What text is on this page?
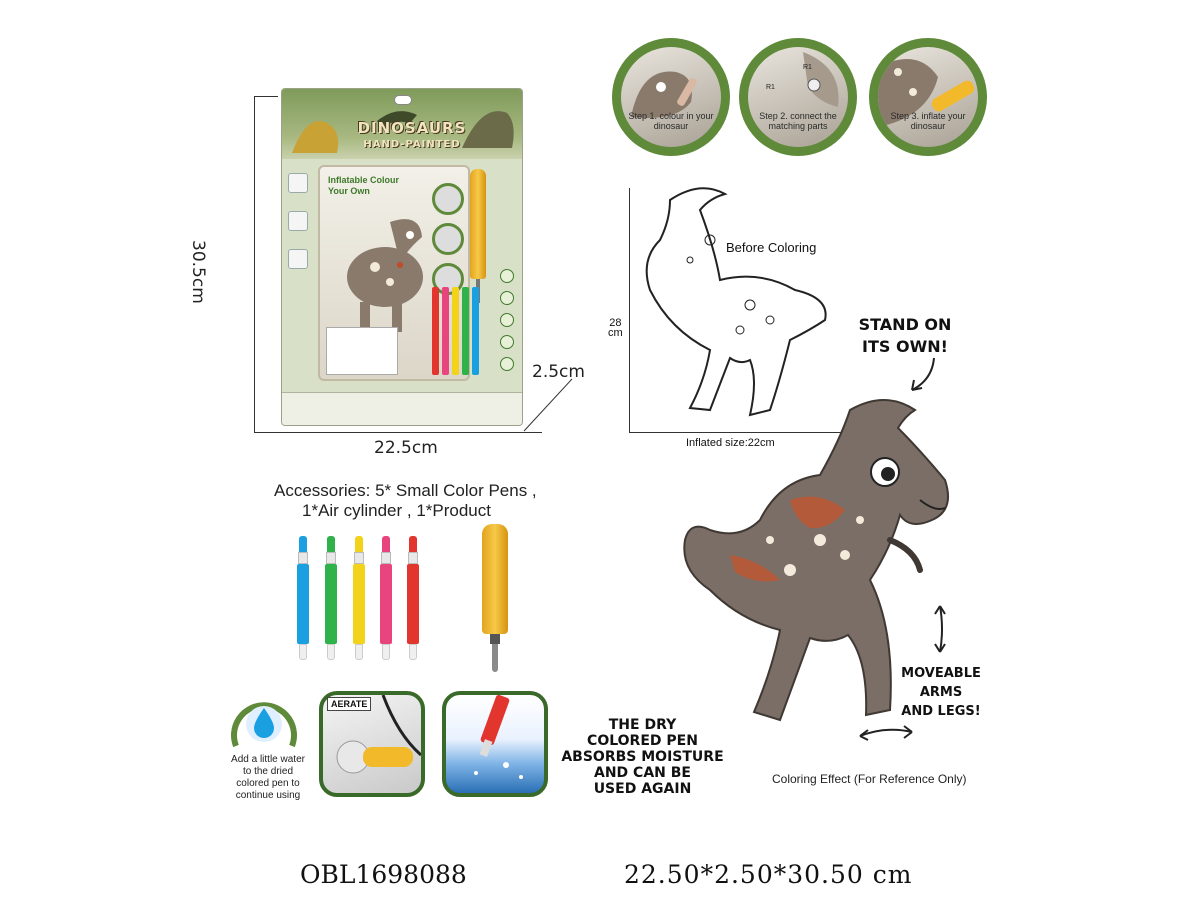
30.5cm
22.5cm
2.5cm
DINOSAURS
HAND-PAINTED
Inflatable Colour Your Own
Step 1. colour in your dinosaur
R1
R1
Step 2. connect the matching parts
Step 3. inflate your dinosaur
Before Coloring
28
cm
Inflated size:22cm
STAND ON
ITS OWN!
MOVEABLE
ARMS
AND LEGS!
THE DRY
COLORED PEN
ABSORBS MOISTURE
AND CAN BE
USED AGAIN
Coloring Effect (For Reference Only)
Accessories: 5* Small Color Pens ,
1*Air cylinder , 1*Product
Add a little water
to the dried
colored pen to
continue using
AERATE
OBL1698088	22.50*2.50*30.50 cm
